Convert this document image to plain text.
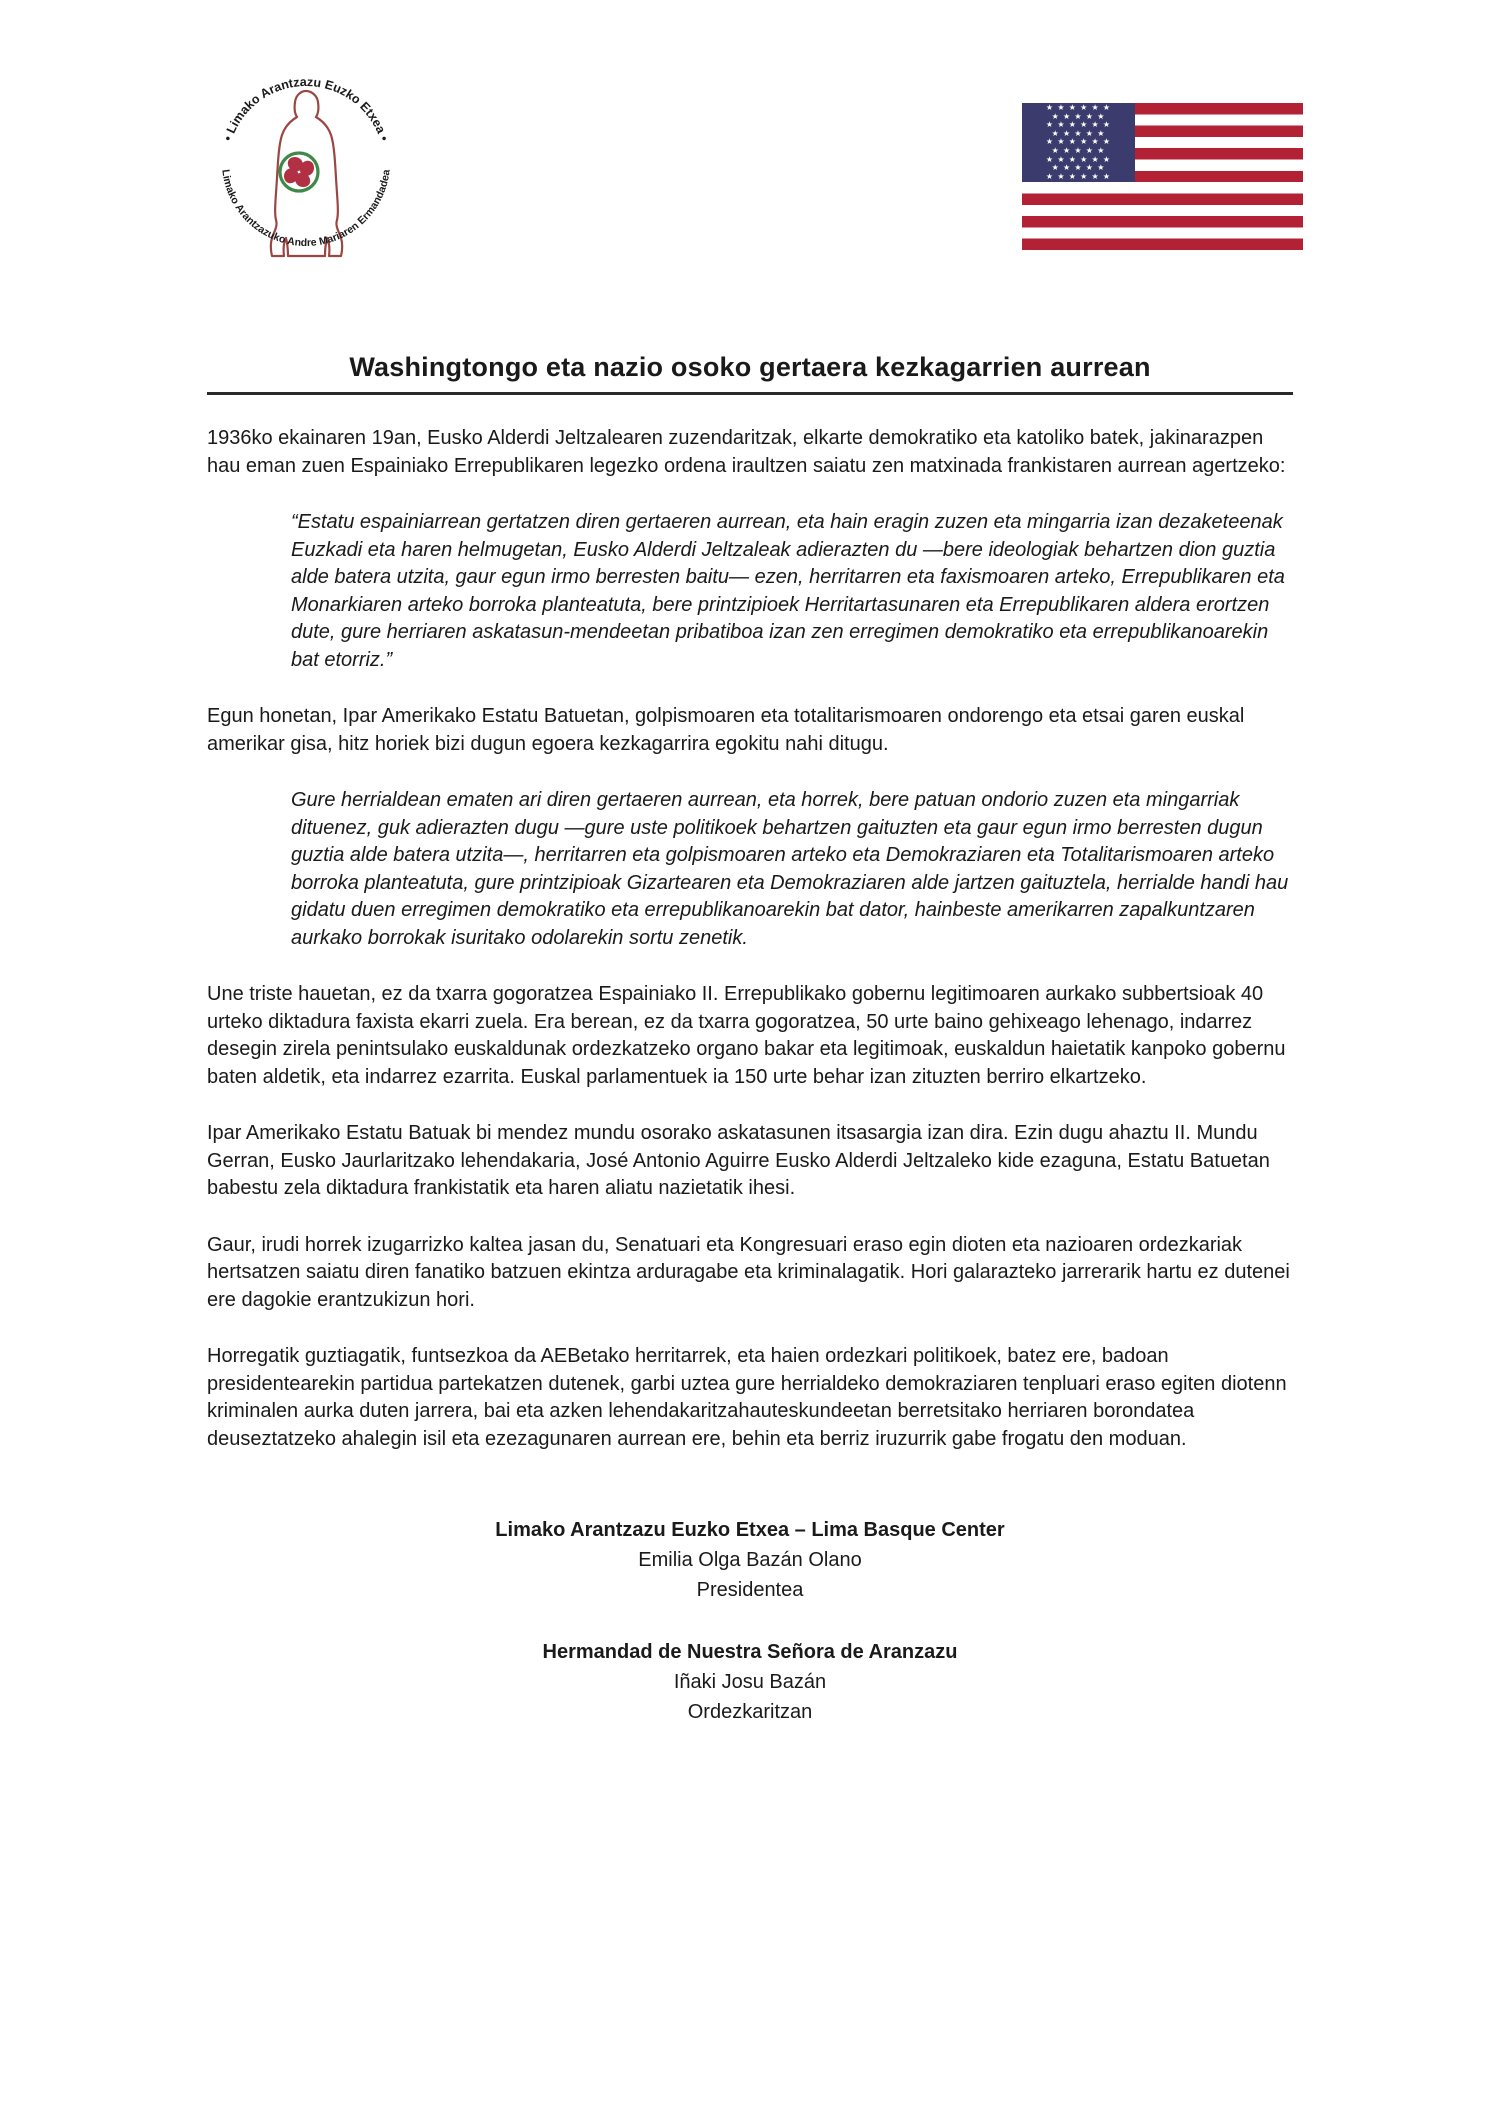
• Limako Arantzazu Euzko Etxea •
Limako Arantzazuko Andre Mariaren Ermandadea
★ ★ ★ ★ ★ ★
★ ★ ★ ★ ★
★ ★ ★ ★ ★ ★
★ ★ ★ ★ ★
★ ★ ★ ★ ★ ★
★ ★ ★ ★ ★
★ ★ ★ ★ ★ ★
★ ★ ★ ★ ★
★ ★ ★ ★ ★ ★
Washingtongo eta nazio osoko gertaera kezkagarrien aurrean

1936ko ekainaren 19an, Eusko Alderdi Jeltzalearen zuzendaritzak, elkarte demokratiko eta katoliko batek, jakinarazpen hau eman zuen Espainiako Errepublikaren legezko ordena iraultzen saiatu zen matxinada frankistaren aurrean agertzeko:

“Estatu espainiarrean gertatzen diren gertaeren aurrean, eta hain eragin zuzen eta mingarria izan dezaketeenak Euzkadi eta haren helmugetan, Eusko Alderdi Jeltzaleak adierazten du —bere ideologiak behartzen dion guztia alde batera utzita, gaur egun irmo berresten baitu— ezen, herritarren eta faxismoaren arteko, Errepublikaren eta Monarkiaren arteko borroka planteatuta, bere printzipioek Herritartasunaren eta Errepublikaren aldera erortzen dute, gure herriaren askatasun-mendeetan pribatiboa izan zen erregimen demokratiko eta errepublikanoarekin bat etorriz.”

Egun honetan, Ipar Amerikako Estatu Batuetan, golpismoaren eta totalitarismoaren ondorengo eta etsai garen euskal amerikar gisa, hitz horiek bizi dugun egoera kezkagarrira egokitu nahi ditugu.

Gure herrialdean ematen ari diren gertaeren aurrean, eta horrek, bere patuan ondorio zuzen eta mingarriak dituenez, guk adierazten dugu —gure uste politikoek behartzen gaituzten eta gaur egun irmo berresten dugun guztia alde batera utzita—, herritarren eta golpismoaren arteko eta Demokraziaren eta Totalitarismoaren arteko borroka planteatuta, gure printzipioak Gizartearen eta Demokraziaren alde jartzen gaituztela, herrialde handi hau gidatu duen erregimen demokratiko eta errepublikanoarekin bat dator, hainbeste amerikarren zapalkuntzaren aurkako borrokak isuritako odolarekin sortu zenetik.

Une triste hauetan, ez da txarra gogoratzea Espainiako II. Errepublikako gobernu legitimoaren aurkako subbertsioak 40 urteko diktadura faxista ekarri zuela. Era berean, ez da txarra gogoratzea, 50 urte baino gehixeago lehenago, indarrez desegin zirela penintsulako euskaldunak ordezkatzeko organo bakar eta legitimoak, euskaldun haietatik kanpoko gobernu baten aldetik, eta indarrez ezarrita. Euskal parlamentuek ia 150 urte behar izan zituzten berriro elkartzeko.

Ipar Amerikako Estatu Batuak bi mendez mundu osorako askatasunen itsasargia izan dira. Ezin dugu ahaztu II. Mundu Gerran, Eusko Jaurlaritzako lehendakaria, José Antonio Aguirre Eusko Alderdi Jeltzaleko kide ezaguna, Estatu Batuetan babestu zela diktadura frankistatik eta haren aliatu nazietatik ihesi.

Gaur, irudi horrek izugarrizko kaltea jasan du, Senatuari eta Kongresuari eraso egin dioten eta nazioaren ordezkariak hertsatzen saiatu diren fanatiko batzuen ekintza arduragabe eta kriminalagatik. Hori galarazteko jarrerarik hartu ez dutenei ere dagokie erantzukizun hori.

Horregatik guztiagatik, funtsezkoa da AEBetako herritarrek, eta haien ordezkari politikoek, batez ere, badoan presidentearekin partidua partekatzen dutenek, garbi uztea gure herrialdeko demokraziaren tenpluari eraso egiten diotenn kriminalen aurka duten jarrera, bai eta azken lehendakaritzahauteskundeetan berretsitako herriaren borondatea deuseztatzeko ahalegin isil eta ezezagunaren aurrean ere, behin eta berriz iruzurrik gabe frogatu den moduan.

Limako Arantzazu Euzko Etxea – Lima Basque Center
Emilia Olga Bazán Olano
Presidentea
Hermandad de Nuestra Señora de Aranzazu
Iñaki Josu Bazán
Ordezkaritzan
